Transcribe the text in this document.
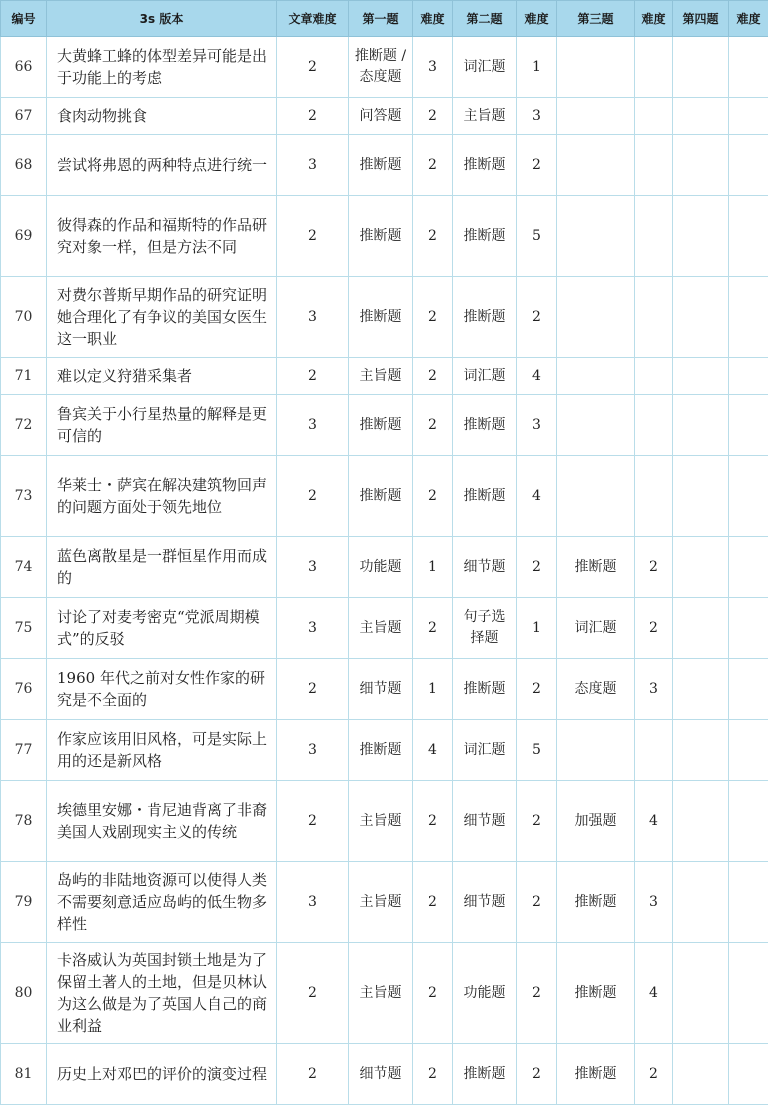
编号	3s 版本	文章难度	第一题	难度	第二题	难度	第三题	难度	第四题	难度
66	大黄蜂工蜂的体型差异可能是出于功能上的考虑	2	推断题 / 态度题	3	词汇题	1				
67	食肉动物挑食	2	问答题	2	主旨题	3				
68	尝试将弗恩的两种特点进行统一	3	推断题	2	推断题	2				
69	彼得森的作品和福斯特的作品研究对象一样，但是方法不同	2	推断题	2	推断题	5				
70	对费尔普斯早期作品的研究证明她合理化了有争议的美国女医生这一职业	3	推断题	2	推断题	2				
71	难以定义狩猎采集者	2	主旨题	2	词汇题	4				
72	鲁宾关于小行星热量的解释是更可信的	3	推断题	2	推断题	3				
73	华莱士・萨宾在解决建筑物回声的问题方面处于领先地位	2	推断题	2	推断题	4				
74	蓝色离散星是一群恒星作用而成的	3	功能题	1	细节题	2	推断题	2		
75	讨论了对麦考密克“党派周期模式”的反驳	3	主旨题	2	句子选择题	1	词汇题	2		
76	1960 年代之前对女性作家的研究是不全面的	2	细节题	1	推断题	2	态度题	3		
77	作家应该用旧风格，可是实际上用的还是新风格	3	推断题	4	词汇题	5				
78	埃德里安娜・肯尼迪背离了非裔美国人戏剧现实主义的传统	2	主旨题	2	细节题	2	加强题	4		
79	岛屿的非陆地资源可以使得人类不需要刻意适应岛屿的低生物多样性	3	主旨题	2	细节题	2	推断题	3		
80	卡洛威认为英国封锁土地是为了保留土著人的土地，但是贝林认为这么做是为了英国人自己的商业利益	2	主旨题	2	功能题	2	推断题	4		
81	历史上对邓巴的评价的演变过程	2	细节题	2	推断题	2	推断题	2		
